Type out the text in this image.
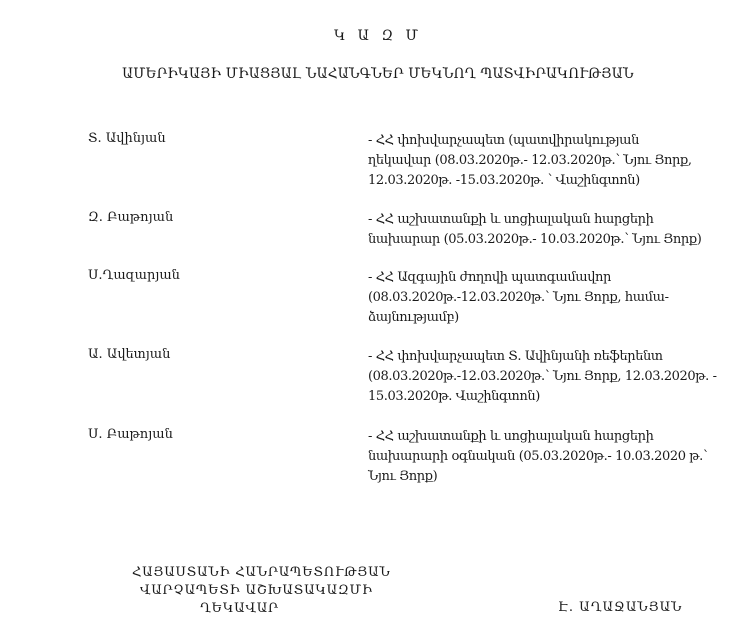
Կ Ա Զ Մ
ԱՄԵՐԻԿԱՅԻ ՄԻԱՑՅԱԼ ՆԱՀԱՆԳՆԵՐ ՄԵԿՆՈՂ ՊԱՏՎԻՐԱԿՈՒԹՅԱՆ
Տ. Ավինյան	- ՀՀ փոխվարչապետ (պատվիրակության
ղեկավար (08.03.2020թ.- 12.03.2020թ.՝ Նյու Յորք,
12.03.2020թ. -15.03.2020թ. ՝ Վաշինգտոն)
Զ. Բաթոյան	- ՀՀ աշխատանքի և սոցիալական հարցերի
նախարար (05.03.2020թ.- 10.03.2020թ.՝ Նյու Յորք)
Ս.Ղազարյան	- ՀՀ Ազգային ժողովի պատգամավոր
(08.03.2020թ.-12.03.2020թ.՝ Նյու Յորք, համա-
ձայնությամբ)
Ա. Ավետյան	- ՀՀ փոխվարչապետ Տ. Ավինյանի ռեֆերենտ
(08.03.2020թ.-12.03.2020թ.՝ Նյու Յորք, 12.03.2020թ. -
15.03.2020թ. Վաշինգտոն)
Ս. Բաթոյան	- ՀՀ աշխատանքի և սոցիալական հարցերի
նախարարի օգնական (05.03.2020թ.- 10.03.2020 թ.՝
Նյու Յորք)
ՀԱՅԱՍՏԱՆԻ ՀԱՆՐԱՊԵՏՈՒԹՅԱՆ
ՎԱՐՉԱՊԵՏԻ ԱՇԽԱՏԱԿԱԶՄԻ
ՂԵԿԱՎԱՐ	Է. ԱՂԱՋԱՆՅԱՆ
